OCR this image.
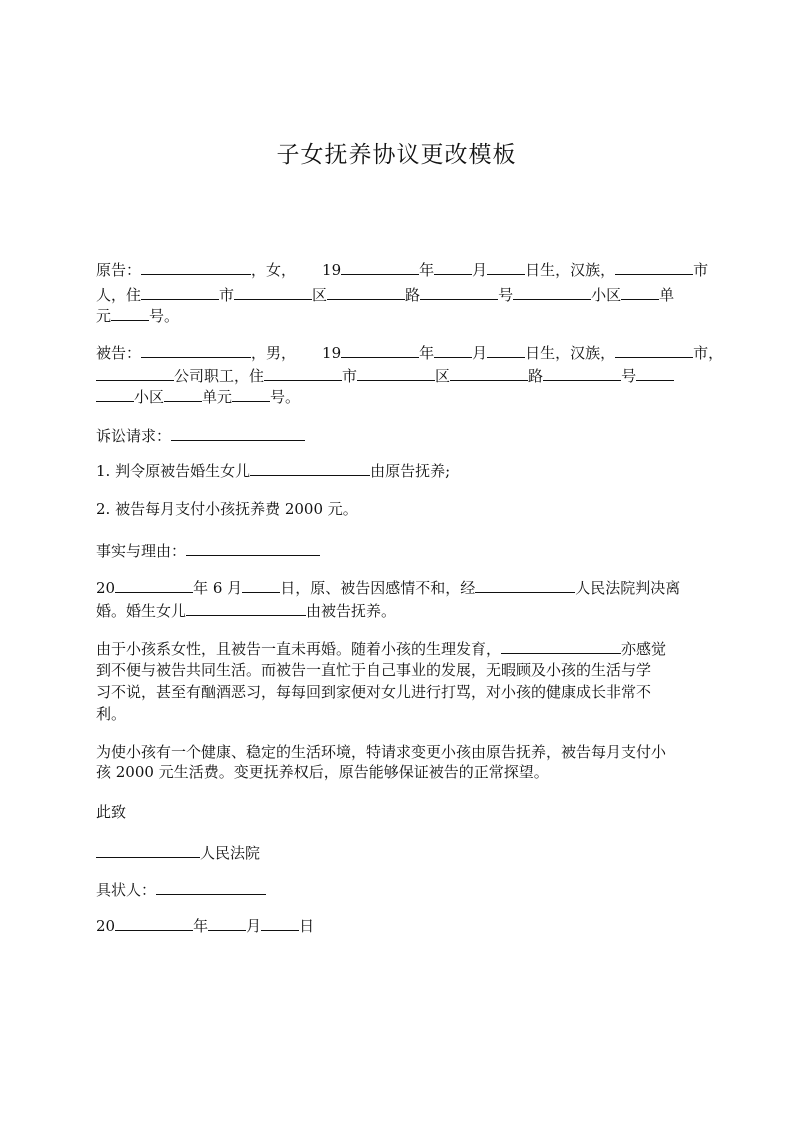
子女抚养协议更改模板
原告：	，女， 19	年	月	日生，汉族，	市
人，住	市	区	路	号	小区	单
元	号。
被告：	，男， 19	年	月	日生，汉族，	市，
公司职工，住	市	区	路	号
小区	单元	号。
诉讼请求：
1. 判令原被告婚生女儿	由原告抚养;
2. 被告每月支付小孩抚养费 2000 元。
事实与理由：
20	年 6 月	日，原、被告因感情不和，经	人民法院判决离
婚。婚生女儿	由被告抚养。
由于小孩系女性，且被告一直未再婚。随着小孩的生理发育，	亦感觉
到不便与被告共同生活。而被告一直忙于自己事业的发展，无暇顾及小孩的生活与学
习不说，甚至有酗酒恶习，每每回到家便对女儿进行打骂，对小孩的健康成长非常不
利。
为使小孩有一个健康、稳定的生活环境，特请求变更小孩由原告抚养，被告每月支付小
孩 2000 元生活费。变更抚养权后，原告能够保证被告的正常探望。
此致
人民法院
具状人：
20	年	月	日
